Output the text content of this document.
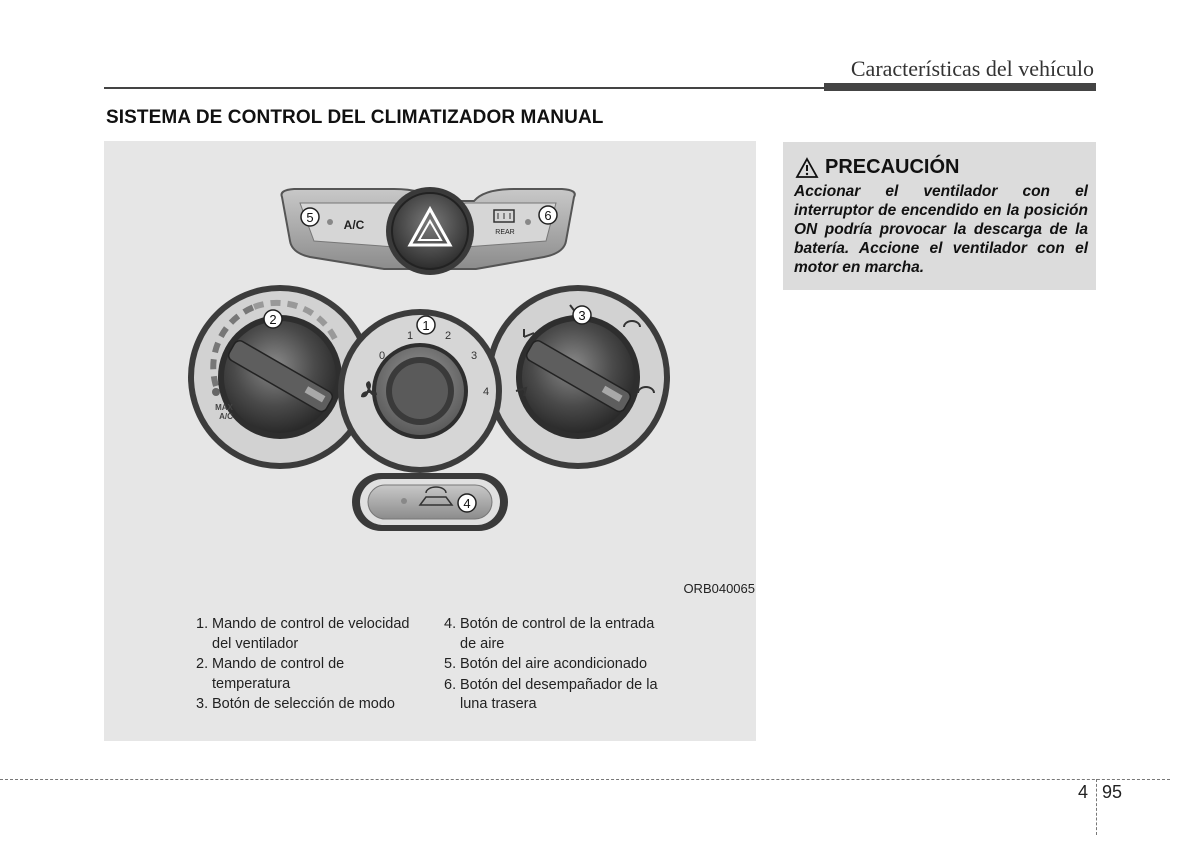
Características del vehículo
SISTEMA DE CONTROL DEL CLIMATIZADOR MANUAL
5	A/C
REAR
6
MAX
A/C
2	3
0
1	2
3
4
1
4
ORB040065
1. Mando de control de velocidad del ventilador
2. Mando de control de temperatura
3. Botón de selección de modo
4. Botón de control de la entrada de aire
5. Botón del aire acondicionado
6. Botón del desempañador de la luna trasera
PRECAUCIÓN
Accionar el ventilador con el interruptor de encendido en la posición ON podría provocar la descarga de la batería. Accione el ventilador con el motor en marcha.
4 95
